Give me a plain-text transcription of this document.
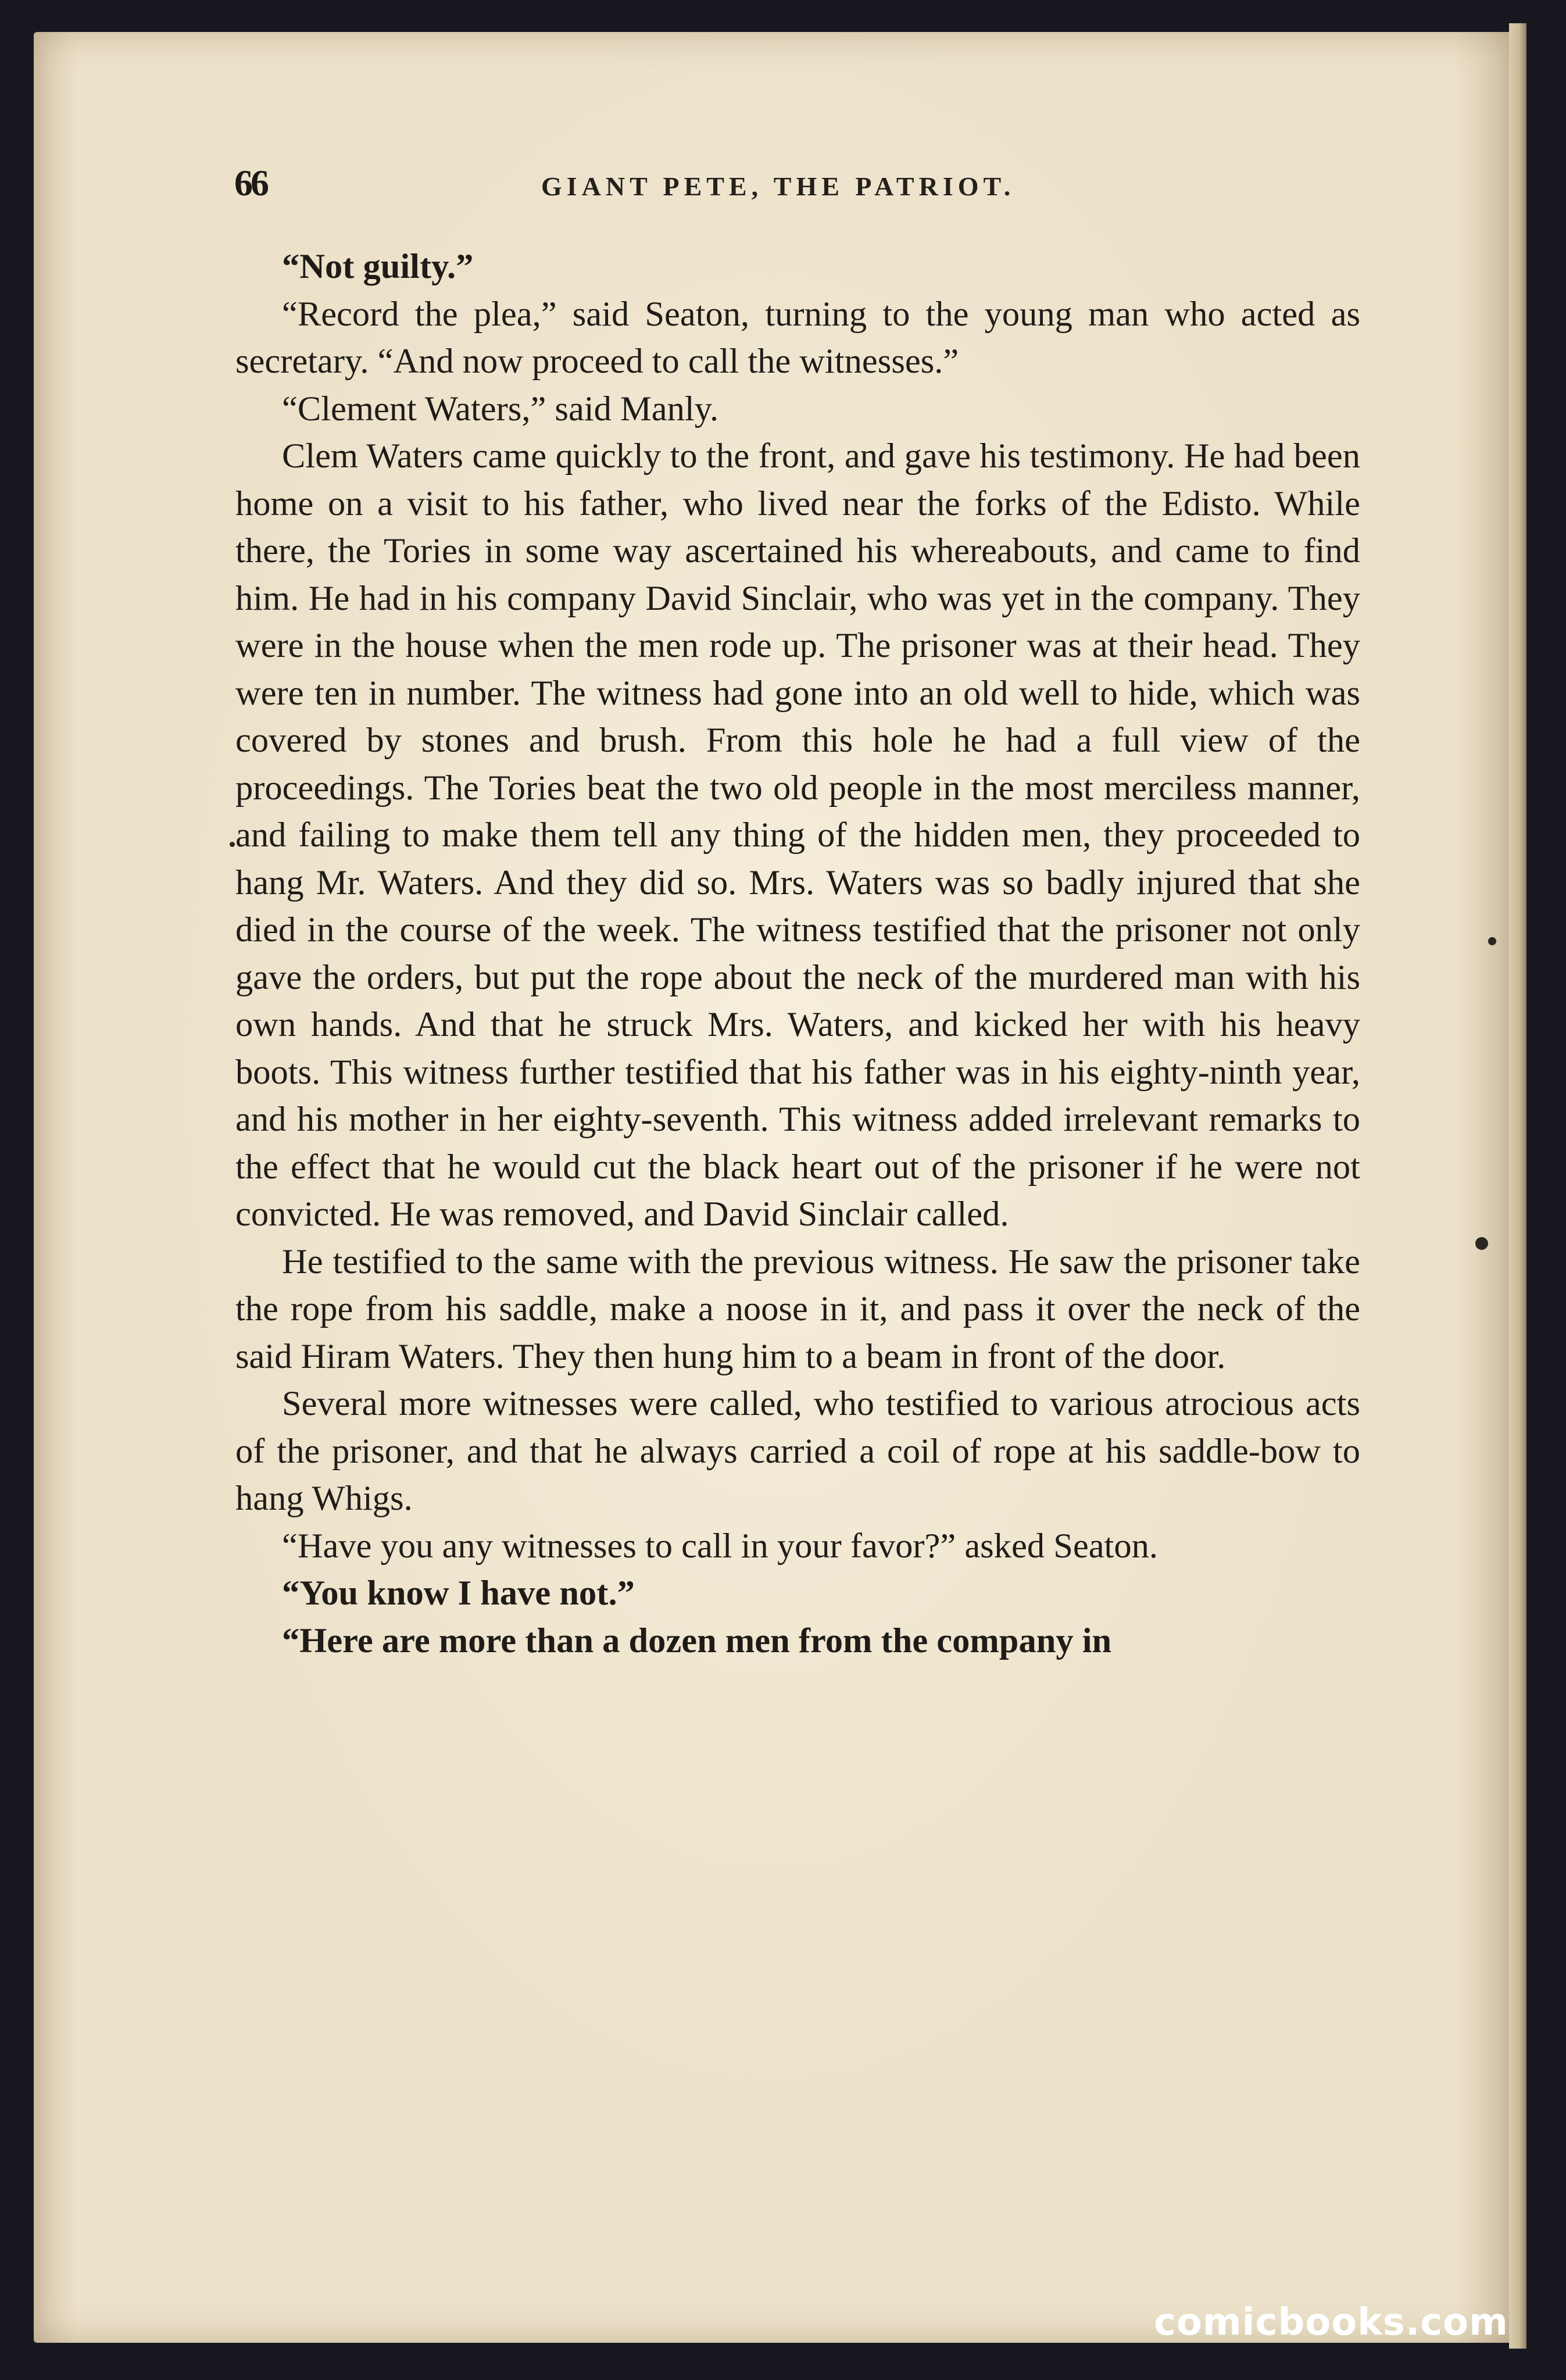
66	GIANT PETE, THE PATRIOT.

“Not guilty.”

“Record the plea,” said Seaton, turning to the young man who acted as secretary. “And now proceed to call the witnesses.”

“Clement Waters,” said Manly.

Clem Waters came quickly to the front, and gave his testimony. He had been home on a visit to his father, who lived near the forks of the Edisto. While there, the Tories in some way ascertained his whereabouts, and came to find him. He had in his company David Sinclair, who was yet in the company. They were in the house when the men rode up. The prisoner was at their head. They were ten in number. The witness had gone into an old well to hide, which was covered by stones and brush. From this hole he had a full view of the proceedings. The Tories beat the two old people in the most merciless manner, and failing to make them tell any thing of the hidden men, they proceeded to hang Mr. Waters. And they did so. Mrs. Waters was so badly injured that she died in the course of the week. The witness testified that the prisoner not only gave the orders, but put the rope about the neck of the murdered man with his own hands. And that he struck Mrs. Waters, and kicked her with his heavy boots. This witness further testified that his father was in his eighty-ninth year, and his mother in her eighty-seventh. This witness added irrelevant remarks to the effect that he would cut the black heart out of the prisoner if he were not convicted. He was removed, and David Sinclair called.

He testified to the same with the previous witness. He saw the prisoner take the rope from his saddle, make a noose in it, and pass it over the neck of the said Hiram Waters. They then hung him to a beam in front of the door.

Several more witnesses were called, who testified to various atrocious acts of the prisoner, and that he always carried a coil of rope at his saddle-bow to hang Whigs.

“Have you any witnesses to call in your favor?” asked Seaton.

“You know I have not.”

“Here are more than a dozen men from the company in

comicbooks.com
